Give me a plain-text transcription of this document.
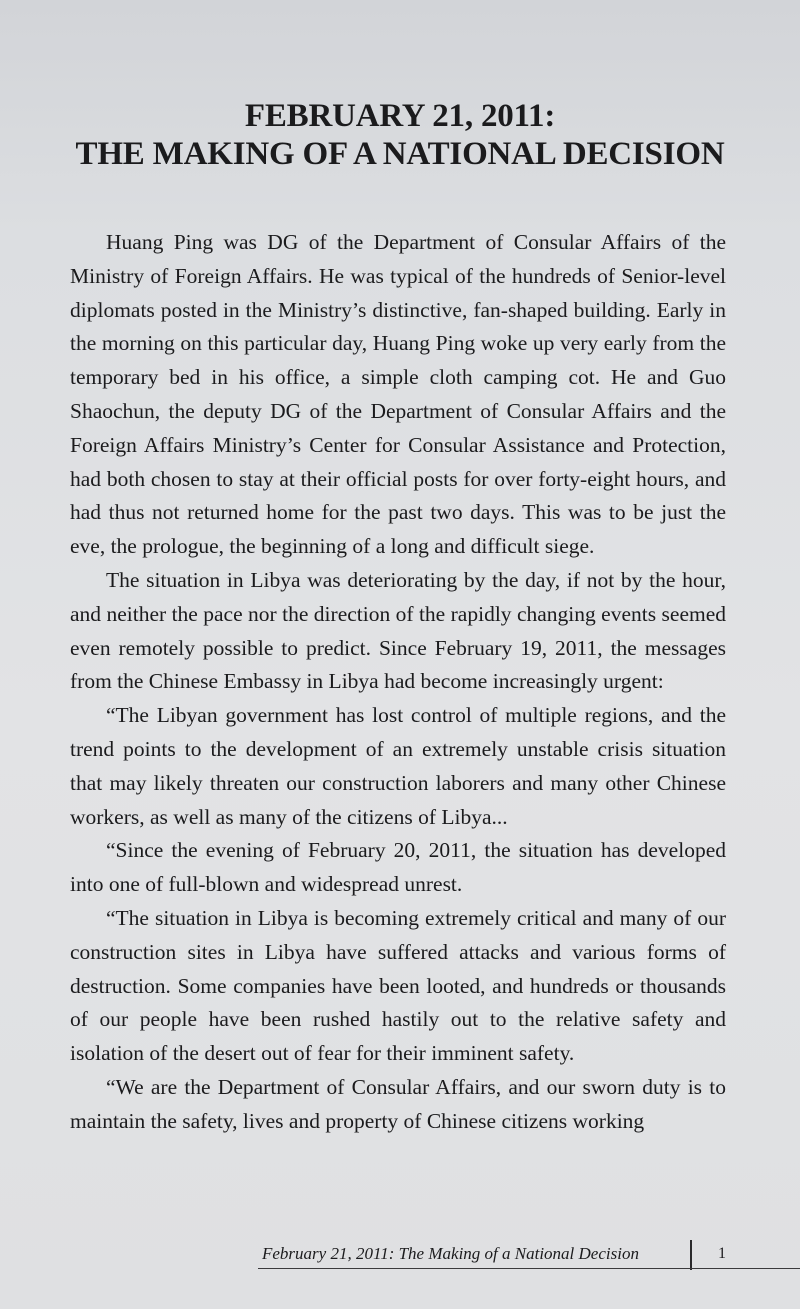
FEBRUARY 21, 2011:
THE MAKING OF A NATIONAL DECISION

Huang Ping was DG of the Department of Consular Affairs of the Ministry of Foreign Affairs. He was typical of the hundreds of Senior-level diplomats posted in the Ministry’s distinctive, fan-shaped building. Early in the morning on this particular day, Huang Ping woke up very early from the temporary bed in his office, a simple cloth camping cot. He and Guo Shaochun, the deputy DG of the Department of Consular Affairs and the Foreign Affairs Ministry’s Center for Consular Assistance and Protection, had both chosen to stay at their official posts for over forty-eight hours, and had thus not returned home for the past two days. This was to be just the eve, the prologue, the beginning of a long and difficult siege.

The situation in Libya was deteriorating by the day, if not by the hour, and neither the pace nor the direction of the rapidly changing events seemed even remotely possible to predict. Since February 19, 2011, the messages from the Chinese Embassy in Libya had become increasingly urgent:

“The Libyan government has lost control of multiple regions, and the trend points to the development of an extremely unstable crisis situation that may likely threaten our construction laborers and many other Chinese workers, as well as many of the citizens of Libya...

“Since the evening of February 20, 2011, the situation has developed into one of full-blown and widespread unrest.

“The situation in Libya is becoming extremely critical and many of our construction sites in Libya have suffered attacks and various forms of destruction. Some companies have been looted, and hundreds or thousands of our people have been rushed hastily out to the relative safety and isolation of the desert out of fear for their imminent safety.

“We are the Department of Consular Affairs, and our sworn duty is to maintain the safety, lives and property of Chinese citizens working

February 21, 2011: The Making of a National Decision	1
